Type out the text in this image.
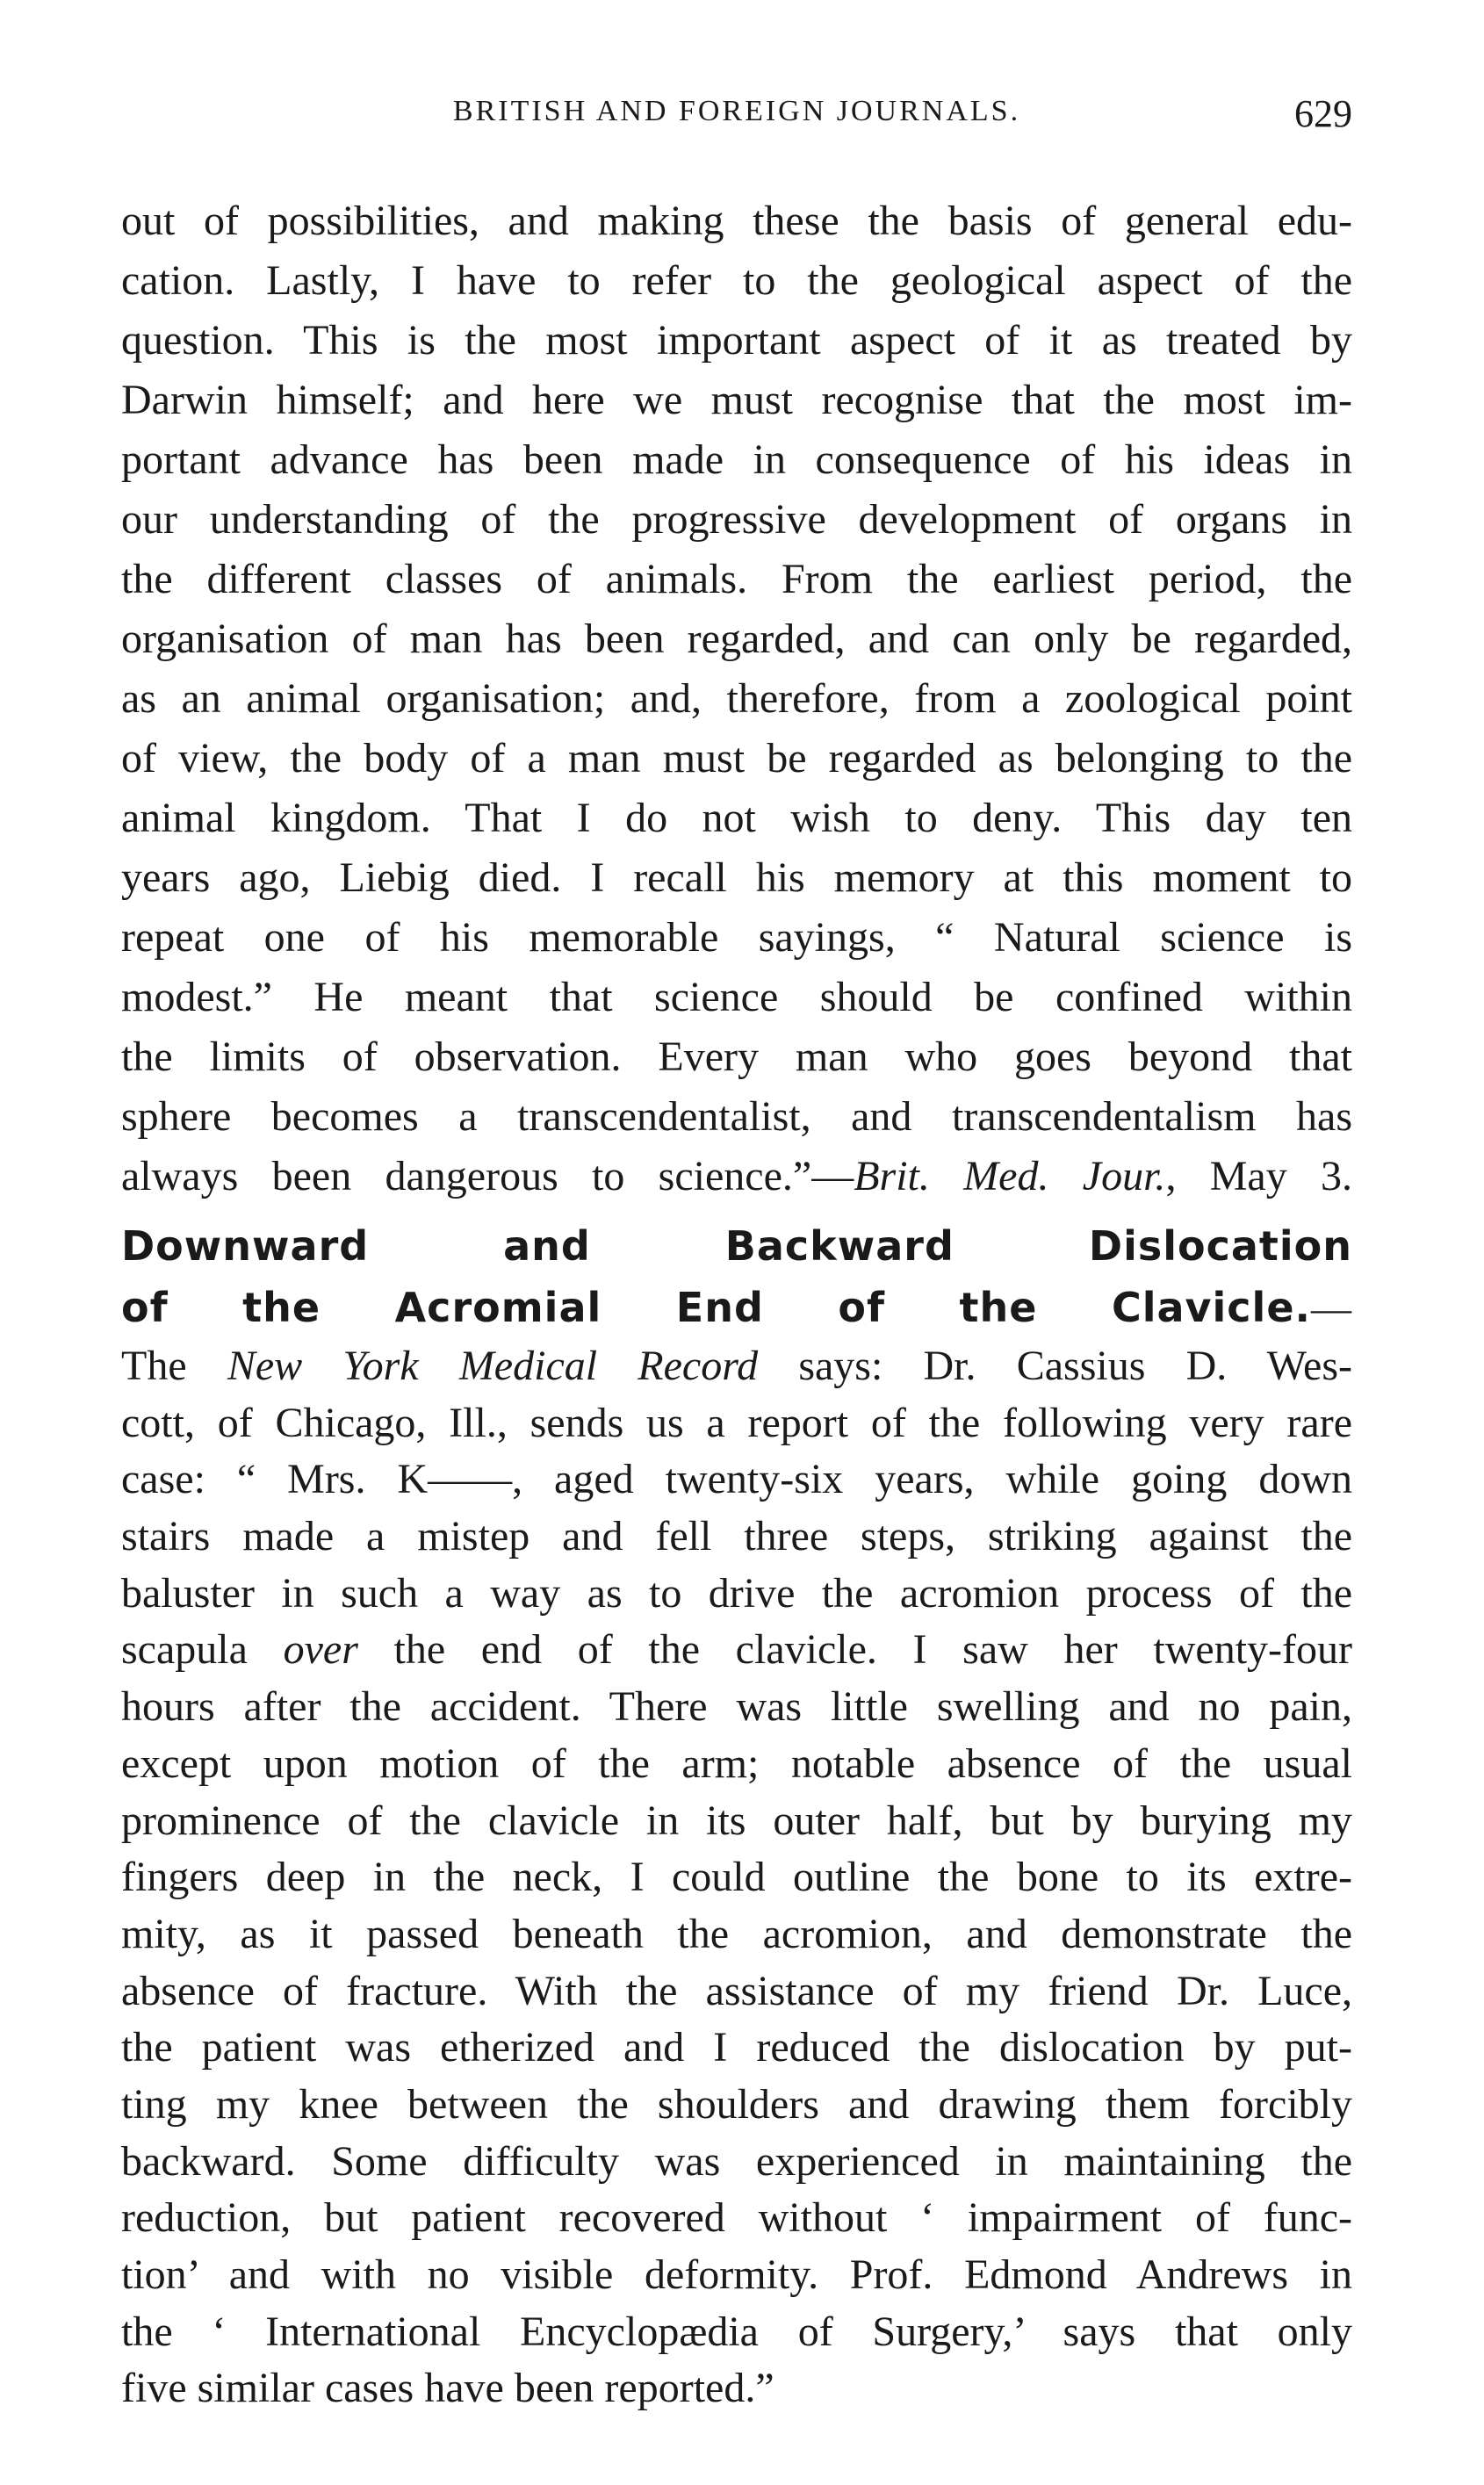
BRITISH AND FOREIGN JOURNALS.	629
out of possibilities, and making these the basis of general edu-
cation. Lastly, I have to refer to the geological aspect of the
question. This is the most important aspect of it as treated by
Darwin himself; and here we must recognise that the most im-
portant advance has been made in consequence of his ideas in
our understanding of the progressive development of organs in
the different classes of animals. From the earliest period, the
organisation of man has been regarded, and can only be regarded,
as an animal organisation; and, therefore, from a zoological point
of view, the body of a man must be regarded as belonging to the
animal kingdom. That I do not wish to deny. This day ten
years ago, Liebig died. I recall his memory at this moment to
repeat one of his memorable sayings, “ Natural science is
modest.” He meant that science should be confined within
the limits of observation. Every man who goes beyond that
sphere becomes a transcendentalist, and transcendentalism has
always been dangerous to science.”—Brit. Med. Jour., May 3.
Downward and Backward Dislocation
of the Acromial End of the Clavicle.—
The New York Medical Record says: Dr. Cassius D. Wes-
cott, of Chicago, Ill., sends us a report of the following very rare
case: “ Mrs. K——, aged twenty-six years, while going down
stairs made a mistep and fell three steps, striking against the
baluster in such a way as to drive the acromion process of the
scapula over the end of the clavicle. I saw her twenty-four
hours after the accident. There was little swelling and no pain,
except upon motion of the arm; notable absence of the usual
prominence of the clavicle in its outer half, but by burying my
fingers deep in the neck, I could outline the bone to its extre-
mity, as it passed beneath the acromion, and demonstrate the
absence of fracture. With the assistance of my friend Dr. Luce,
the patient was etherized and I reduced the dislocation by put-
ting my knee between the shoulders and drawing them forcibly
backward. Some difficulty was experienced in maintaining the
reduction, but patient recovered without ‘ impairment of func-
tion’ and with no visible deformity. Prof. Edmond Andrews in
the ‘ International Encyclopædia of Surgery,’ says that only
five similar cases have been reported.”
